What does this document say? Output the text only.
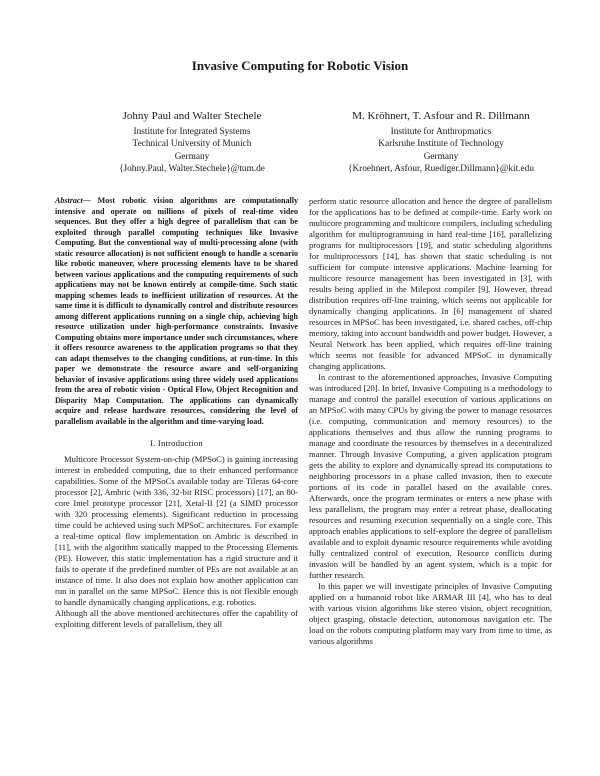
Invasive Computing for Robotic Vision
Johny Paul and Walter Stechele
Institute for Integrated Systems
Technical University of Munich
Germany
{Johny.Paul, Walter.Stechele}@tum.de
M. Kröhnert, T. Asfour and R. Dillmann
Institute for Anthropmatics
Karlsruhe Institute of Technology
Germany
{Kroehnert, Asfour, Ruediger.Dillmann}@kit.edu

Abstract— Most robotic vision algorithms are computationally intensive and operate on millions of pixels of real-time video sequences. But they offer a high degree of parallelism that can be exploited through parallel computing techniques like Invasive Computing. But the conventional way of multi-processing alone (with static resource allocation) is not sufficient enough to handle a scenario like robotic maneuver, where processing elements have to be shared between various applications and the computing requirements of such applications may not be known entirely at compile-time. Such static mapping schemes leads to inefficient utilization of resources. At the same time it is difficult to dynamically control and distribute resources among different applications running on a single chip, achieving high resource utilization under high-performance constraints. Invasive Computing obtains more importance under such circumstances, where it offers resource awareness to the application programs so that they can adapt themselves to the changing conditions, at run-time. In this paper we demonstrate the resource aware and self-organizing behavior of invasive applications using three widely used applications from the area of robotic vision - Optical Flow, Object Recognition and Disparity Map Computation. The applications can dynamically acquire and release hardware resources, considering the level of parallelism available in the algorithm and time-varying load.

I. Introduction

Multicore Processor System-on-chip (MPSoC) is gaining increasing interest in embedded computing, due to their enhanced performance capabilities. Some of the MPSoCs available today are Tileras 64-core processor [2], Ambric (with 336, 32-bit RISC processors) [17], an 80-core Intel prototype processor [21], Xetal-II [2] (a SIMD processor with 320 processing elements). Significant reduction in processing time could be achieved using such MPSoC architectures. For example a real-time optical flow implementation on Ambric is described in [11], with the algorithm statically mapped to the Processing Elements (PE). However, this static implementation has a rigid structure and it fails to operate if the predefined number of PEs are not available at an instance of time. It also does not explain how another application can run in parallel on the same MPSoC. Hence this is not flexible enough to handle dynamically changing applications, e.g. robotics.

Although all the above mentioned architectures offer the capability of exploiting different levels of parallelism, they all

perform static resource allocation and hence the degree of parallelism for the applications has to be defined at compile-time. Early work on multicore programming and multicore compilers, including scheduling algorithm for multiprogramming in hard real-time [16], parallelizing programs for multiprocessors [19], and static scheduling algorithms for multiprocessors [14], has shown that static scheduling is not sufficient for compute intensive applications. Machine learning for multicore resource management has been investigated in [3], with results being applied in the Milepost compiler [9]. However, thread distribution requires off-line training, which seems not applicable for dynamically changing applications. In [6] management of shared resources in MPSoC has been investigated, i.e. shared caches, off-chip memory, taking into account bandwidth and power budget. However, a Neural Network has been applied, which requires off-line training which seems not feasible for advanced MPSoC in dynamically changing applications.

In contrast to the aforementioned approaches, Invasive Computing was introduced [20]. In brief, Invasive Computing is a methodology to manage and control the parallel execution of various applications on an MPSoC with many CPUs by giving the power to manage resources (i.e. computing, communication and memory resources) to the applications themselves and thus allow the running programs to manage and coordinate the resources by themselves in a decentralized manner. Through Invasive Computing, a given application program gets the ability to explore and dynamically spread its computations to neighboring processors in a phase called invasion, then to execute portions of its code in parallel based on the available cores. Afterwards, once the program terminates or enters a new phase with less parallelism, the program may enter a retreat phase, deallocating resources and resuming execution sequentially on a single core. This approach enables applications to self-explore the degree of parallelism available and to exploit dynamic resource requirements while avoiding fully centralized control of execution. Resource conflicts during invasion will be handled by an agent system, which is a topic for further research.

In this paper we will investigate principles of Invasive Computing applied on a humanoid robot like ARMAR III [4], who has to deal with various vision algorithms like stereo vision, object recognition, object grasping, obstacle detection, autonomous navigation etc. The load on the robots computing platform may vary from time to time, as various algorithms
